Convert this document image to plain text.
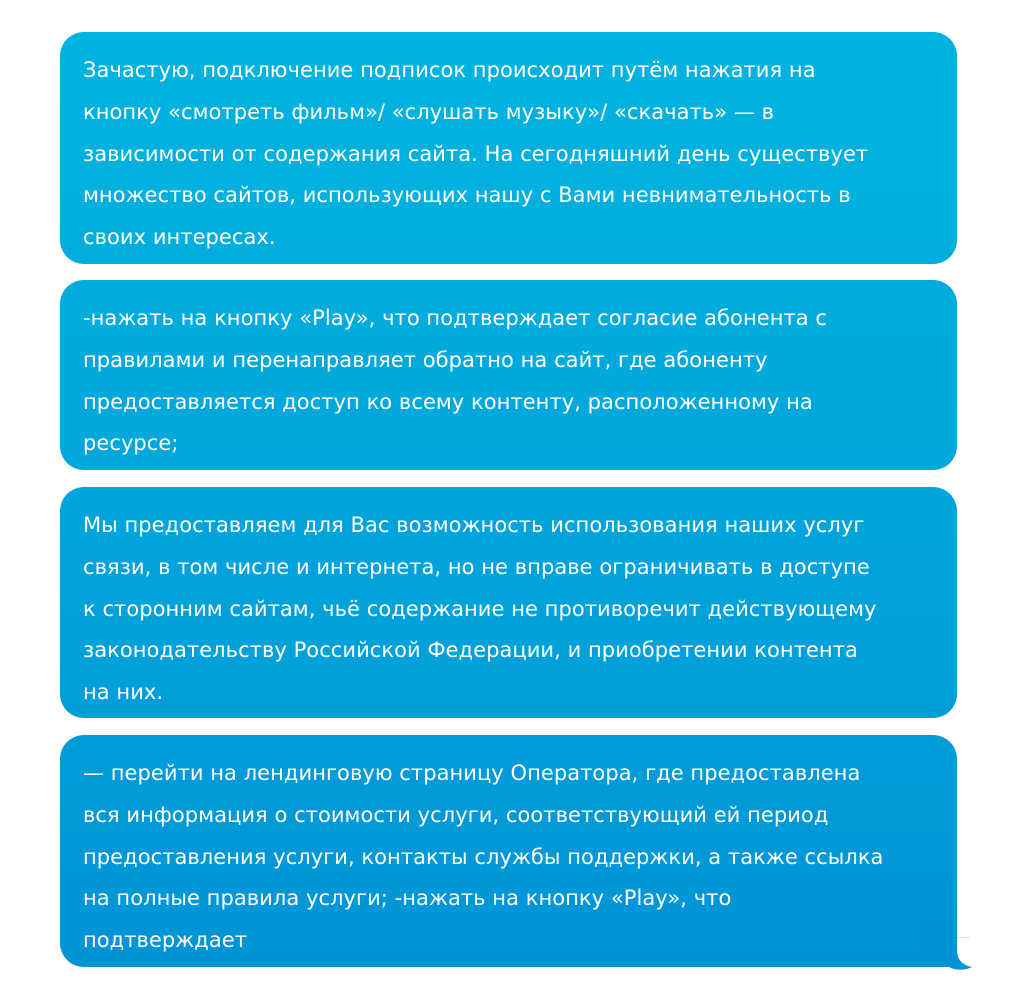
Зачастую, подключение подписок происходит путём нажатия на

кнопку «смотреть фильм»/ «слушать музыку»/ «скачать» — в

зависимости от содержания сайта. На сегодняшний день существует

множество сайтов, использующих нашу с Вами невнимательность в

своих интересах.

-нажать на кнопку «Play», что подтверждает согласие абонента с

правилами и перенаправляет обратно на сайт, где абоненту

предоставляется доступ ко всему контенту, расположенному на

ресурсе;

Мы предоставляем для Вас возможность использования наших услуг

связи, в том числе и интернета, но не вправе ограничивать в доступе

к сторонним сайтам, чьё содержание не противоречит действующему

законодательству Российской Федерации, и приобретении контента

на них.

— перейти на лендинговую страницу Оператора, где предоставлена

вся информация о стоимости услуги, соответствующий ей период

предоставления услуги, контакты службы поддержки, а также ссылка

на полные правила услуги; -нажать на кнопку «Play», что

подтверждает
